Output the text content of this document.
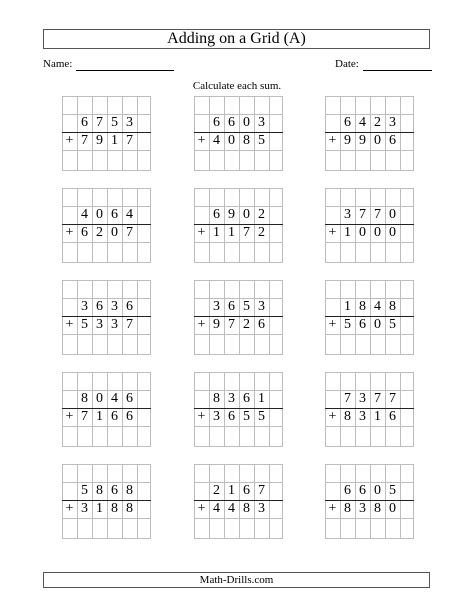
Adding on a Grid (A)
Name:	Date:
Calculate each sum.
6 7 5 3
+ 7 9 1 7
6 6 0 3
+ 4 0 8 5
6 4 2 3
+ 9 9 0 6
4 0 6 4
+ 6 2 0 7
6 9 0 2
+ 1 1 7 2
3 7 7 0
+ 1 0 0 0
3 6 3 6
+ 5 3 3 7
3 6 5 3
+ 9 7 2 6
1 8 4 8
+ 5 6 0 5
8 0 4 6
+ 7 1 6 6
8 3 6 1
+ 3 6 5 5
7 3 7 7
+ 8 3 1 6
5 8 6 8
+ 3 1 8 8
2 1 6 7
+ 4 4 8 3
6 6 0 5
+ 8 3 8 0
Math-Drills.com
